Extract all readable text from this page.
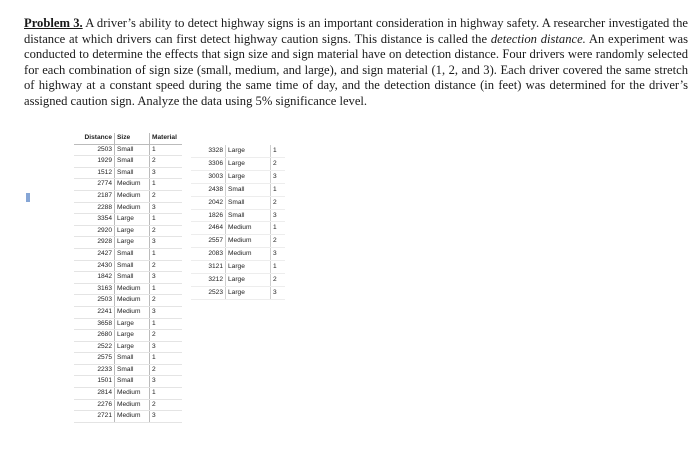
Problem 3. A driver’s ability to detect highway signs is an important consideration in highway safety. A researcher investigated the distance at which drivers can first detect highway caution signs. This distance is called the detection distance. An experiment was conducted to determine the effects that sign size and sign material have on detection distance. Four drivers were randomly selected for each combination of sign size (small, medium, and large), and sign material (1, 2, and 3). Each driver covered the same stretch of highway at a constant speed during the same time of day, and the detection distance (in feet) was determined for the driver’s assigned caution sign. Analyze the data using 5% significance level.

Distance	Size	Material
2503	Small	1
1929	Small	2
1512	Small	3
2774	Medium	1
2187	Medium	2
2288	Medium	3
3354	Large	1
2920	Large	2
2928	Large	3
2427	Small	1
2430	Small	2
1842	Small	3
3163	Medium	1
2503	Medium	2
2241	Medium	3
3658	Large	1
2680	Large	2
2522	Large	3
2575	Small	1
2233	Small	2
1501	Small	3
2814	Medium	1
2276	Medium	2
2721	Medium	3
3328	Large	1
3306	Large	2
3003	Large	3
2438	Small	1
2042	Small	2
1826	Small	3
2464	Medium	1
2557	Medium	2
2083	Medium	3
3121	Large	1
3212	Large	2
2523	Large	3
